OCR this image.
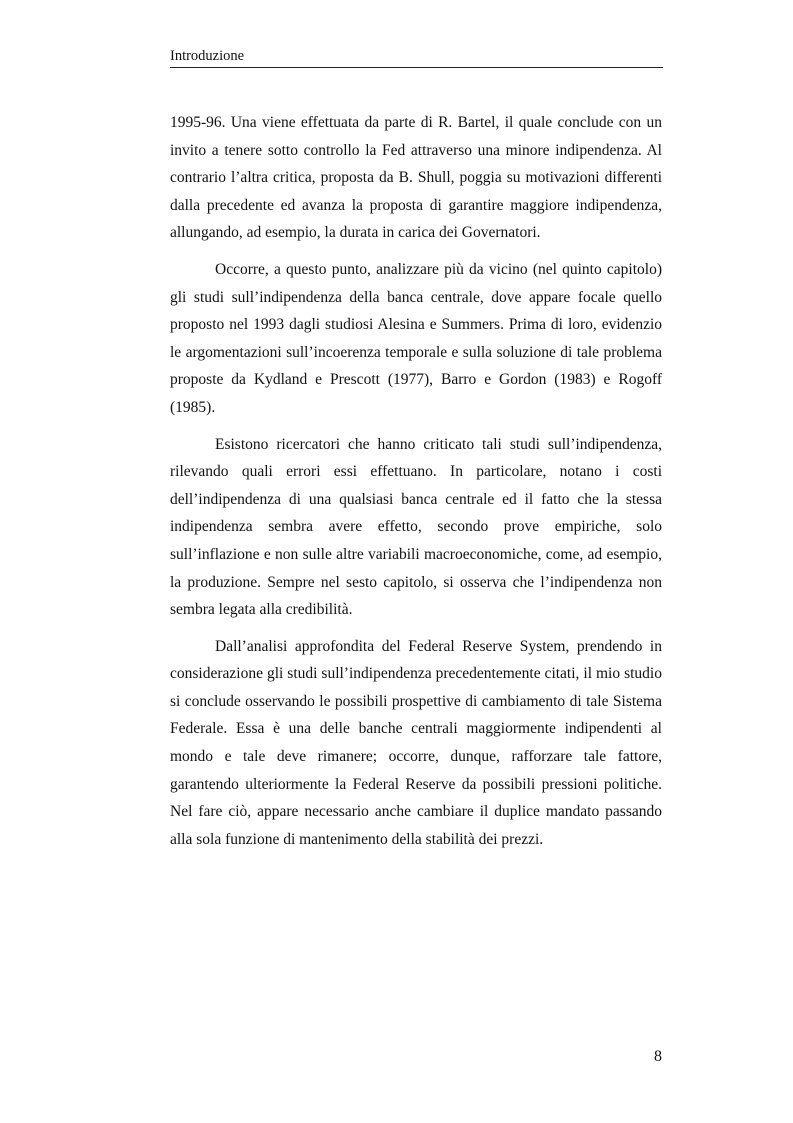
Introduzione

1995-96. Una viene effettuata da parte di R. Bartel, il quale conclude con un invito a tenere sotto controllo la Fed attraverso una minore indipendenza. Al contrario l’altra critica, proposta da B. Shull, poggia su motivazioni differenti dalla precedente ed avanza la proposta di garantire maggiore indipendenza, allungando, ad esempio, la durata in carica dei Governatori.

Occorre, a questo punto, analizzare più da vicino (nel quinto capitolo) gli studi sull’indipendenza della banca centrale, dove appare focale quello proposto nel 1993 dagli studiosi Alesina e Summers. Prima di loro, evidenzio le argomentazioni sull’incoerenza temporale e sulla soluzione di tale problema proposte da Kydland e Prescott (1977), Barro e Gordon (1983) e Rogoff (1985).

Esistono ricercatori che hanno criticato tali studi sull’indipendenza, rilevando quali errori essi effettuano. In particolare, notano i costi dell’indipendenza di una qualsiasi banca centrale ed il fatto che la stessa indipendenza sembra avere effetto, secondo prove empiriche, solo sull’inflazione e non sulle altre variabili macroeconomiche, come, ad esempio, la produzione. Sempre nel sesto capitolo, si osserva che l’indipendenza non sembra legata alla credibilità.

Dall’analisi approfondita del Federal Reserve System, prendendo in considerazione gli studi sull’indipendenza precedentemente citati, il mio studio si conclude osservando le possibili prospettive di cambiamento di tale Sistema Federale. Essa è una delle banche centrali maggiormente indipendenti al mondo e tale deve rimanere; occorre, dunque, rafforzare tale fattore, garantendo ulteriormente la Federal Reserve da possibili pressioni politiche. Nel fare ciò, appare necessario anche cambiare il duplice mandato passando alla sola funzione di mantenimento della stabilità dei prezzi.

8
